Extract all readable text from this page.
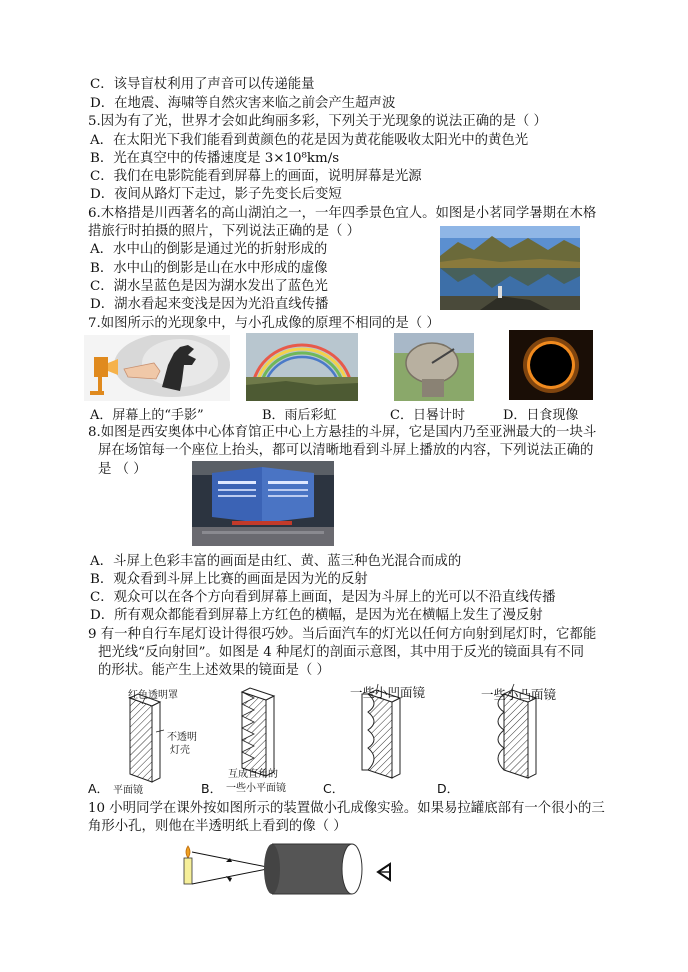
C．该导盲杖利用了声音可以传递能量
D．在地震、海啸等自然灾害来临之前会产生超声波
5.因为有了光，世界才会如此绚丽多彩，下列关于光现象的说法正确的是（ ）
A．在太阳光下我们能看到黄颜色的花是因为黄花能吸收太阳光中的黄色光
B．光在真空中的传播速度是 3×10⁸km/s
C．我们在电影院能看到屏幕上的画面，说明屏幕是光源
D．夜间从路灯下走过，影子先变长后变短
6.木格措是川西著名的高山湖泊之一，一年四季景色宜人。如图是小茗同学暑期在木格
措旅行时拍摄的照片，下列说法正确的是（ ）
A．水中山的倒影是通过光的折射形成的
B．水中山的倒影是山在水中形成的虚像
C．湖水呈蓝色是因为湖水发出了蓝色光
D．湖水看起来变浅是因为光沿直线传播
7.如图所示的光现象中，与小孔成像的原理不相同的是（ ）
A．屏幕上的“手影”	B．雨后彩虹	C．日晷计时	D．日食现像
8.如图是西安奥体中心体育馆正中心上方悬挂的斗屏，它是国内乃至亚洲最大的一块斗
屏在场馆每一个座位上抬头，都可以清晰地看到斗屏上播放的内容，下列说法正确的
是 （ ）
A．斗屏上色彩丰富的画面是由红、黄、蓝三种色光混合而成的
B．观众看到斗屏上比赛的画面是因为光的反射
C．观众可以在各个方向看到屏幕上画面，是因为斗屏上的光可以不沿直线传播
D．所有观众都能看到屏幕上方红色的横幅，是因为光在横幅上发生了漫反射
9 有一种自行车尾灯设计得很巧妙。当后面汽车的灯光以任何方向射到尾灯时，它都能
把光线“反向射回”。如图是 4 种尾灯的剖面示意图，其中用于反光的镜面具有不同
的形状。能产生上述效果的镜面是（ ）
红色透明罩
不透明
灯壳
A． 平面镜
互成直角的
B． 一些小平面镜	C．
一些小凹面镜
D．
一些小凸面镜
10 小明同学在课外按如图所示的装置做小孔成像实验。如果易拉罐底部有一个很小的三
角形小孔，则他在半透明纸上看到的像（ ）
